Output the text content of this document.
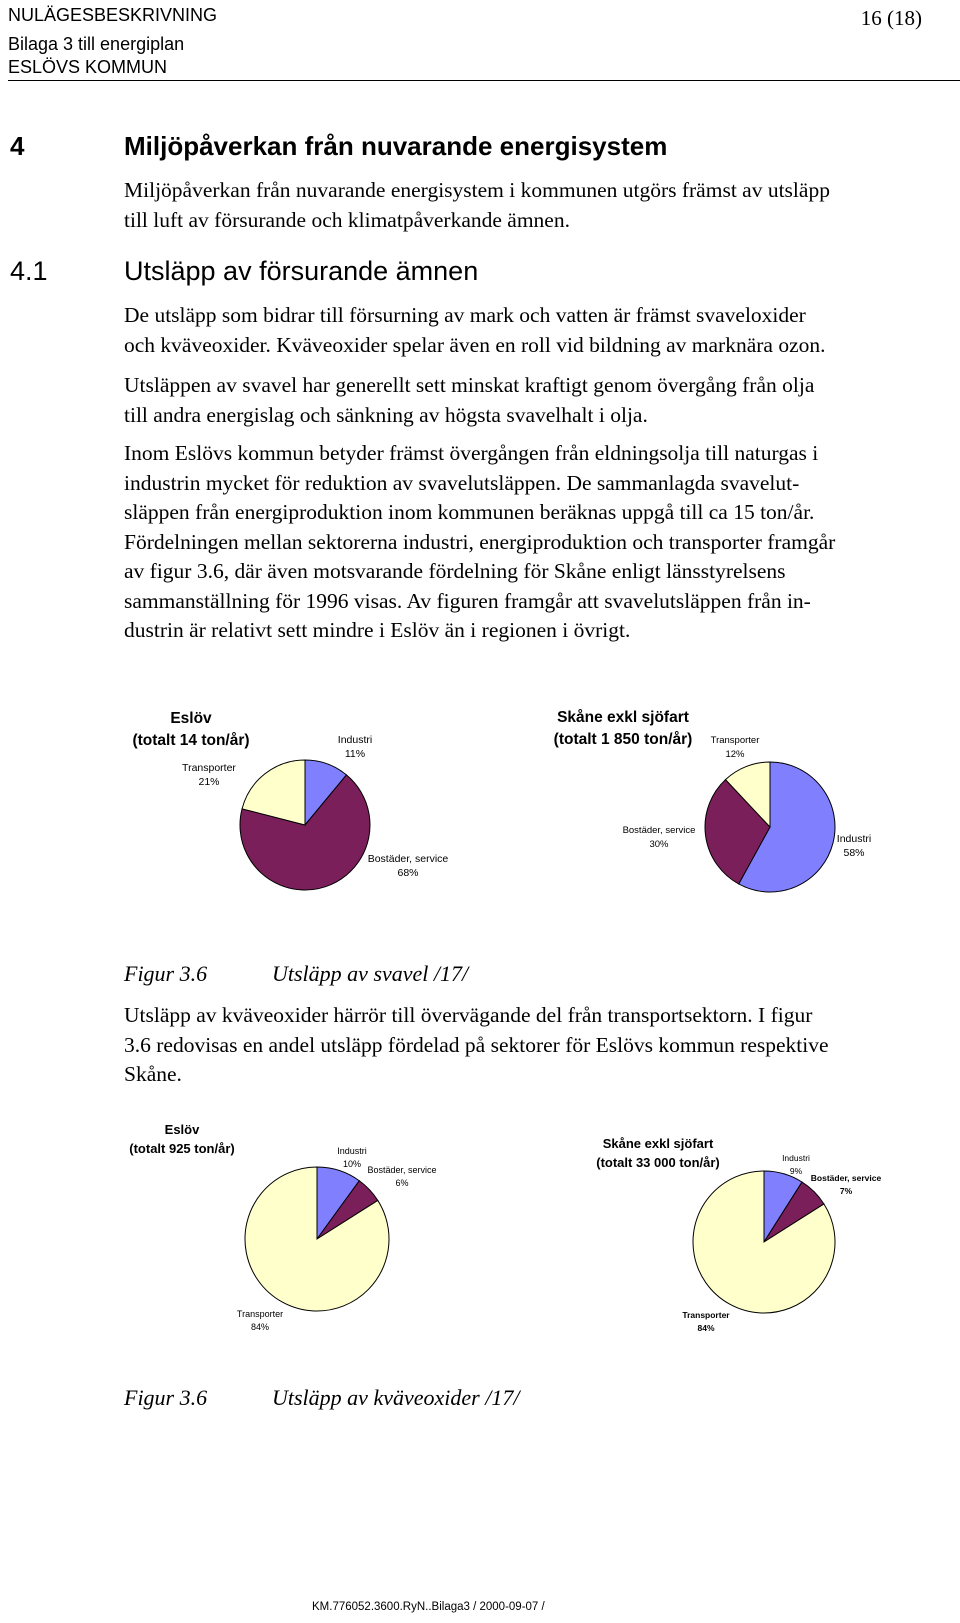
NULÄGESBESKRIVNING
Bilaga 3 till energiplan
ESLÖVS KOMMUN
16 (18)
4	Miljöpåverkan från nuvarande energisystem
Miljöpåverkan från nuvarande energisystem i kommunen utgörs främst av utsläpp
till luft av försurande och klimatpåverkande ämnen.
4.1	Utsläpp av försurande ämnen
De utsläpp som bidrar till försurning av mark och vatten är främst svaveloxider
och kväveoxider. Kväveoxider spelar även en roll vid bildning av marknära ozon.
Utsläppen av svavel har generellt sett minskat kraftigt genom övergång från olja
till andra energislag och sänkning av högsta svavelhalt i olja.
Inom Eslövs kommun betyder främst övergången från eldningsolja till naturgas i
industrin mycket för reduktion av svavelutsläppen. De sammanlagda svavelut-
släppen från energiproduktion inom kommunen beräknas uppgå till ca 15 ton/år.
Fördelningen mellan sektorerna industri, energiproduktion och transporter framgår
av figur 3.6, där även motsvarande fördelning för Skåne enligt länsstyrelsens
sammanställning för 1996 visas. Av figuren framgår att svavelutsläppen från in-
dustrin är relativt sett mindre i Eslöv än i regionen i övrigt.
Eslöv
(totalt 14 ton/år)	Industri
11%
Transporter
21%
Bostäder, service
68%
Skåne exkl sjöfart
(totalt 1 850 ton/år)	Transporter
12%
Bostäder, service
30%	Industri
58%
Figur 3.6	Utsläpp av svavel /17/
Utsläpp av kväveoxider härrör till övervägande del från transportsektorn. I figur
3.6 redovisas en andel utsläpp fördelad på sektorer för Eslövs kommun respektive
Skåne.
Eslöv
(totalt 925 ton/år)	Industri
10%
Bostäder, service
6%
Transporter
84%
Skåne exkl sjöfart
(totalt 33 000 ton/år)	Industri
9%
Bostäder, service
7%
Transporter
84%
Figur 3.6	Utsläpp av kväveoxider /17/
KM.776052.3600.RyN..Bilaga3 / 2000-09-07 /
